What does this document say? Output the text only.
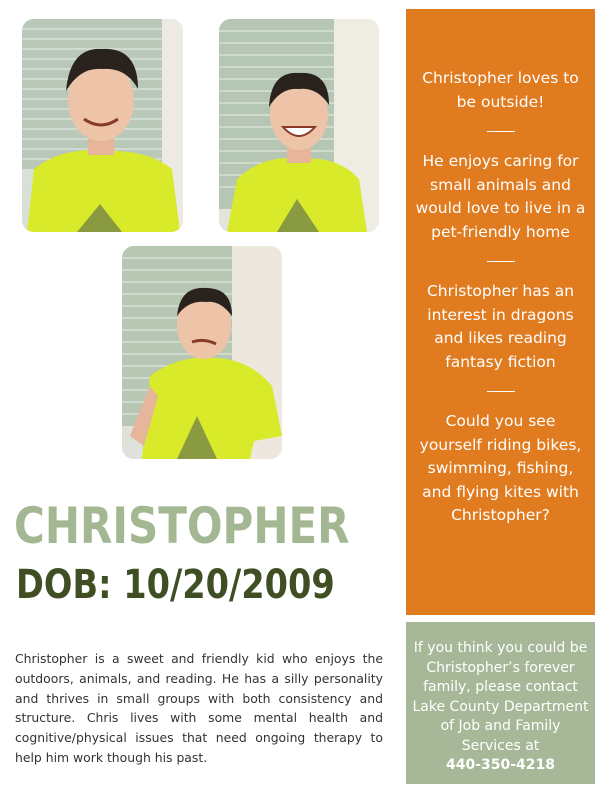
Christopher loves to be outside!

He enjoys caring for small animals and would love to live in a pet-friendly home

Christopher has an interest in dragons and likes reading fantasy fiction

Could you see yourself riding bikes, swimming, fishing, and flying kites with Christopher?

If you think you could be Christopher’s forever family, please contact Lake County Department of Job and Family Services at
440-350-4218
CHRISTOPHER
DOB: 10/20/2009

Christopher is a sweet and friendly kid who enjoys the outdoors, animals, and reading. He has a silly personality and thrives in small groups with both consistency and structure. Chris lives with some mental health and cognitive/physical issues that need ongoing therapy to help him work though his past.
